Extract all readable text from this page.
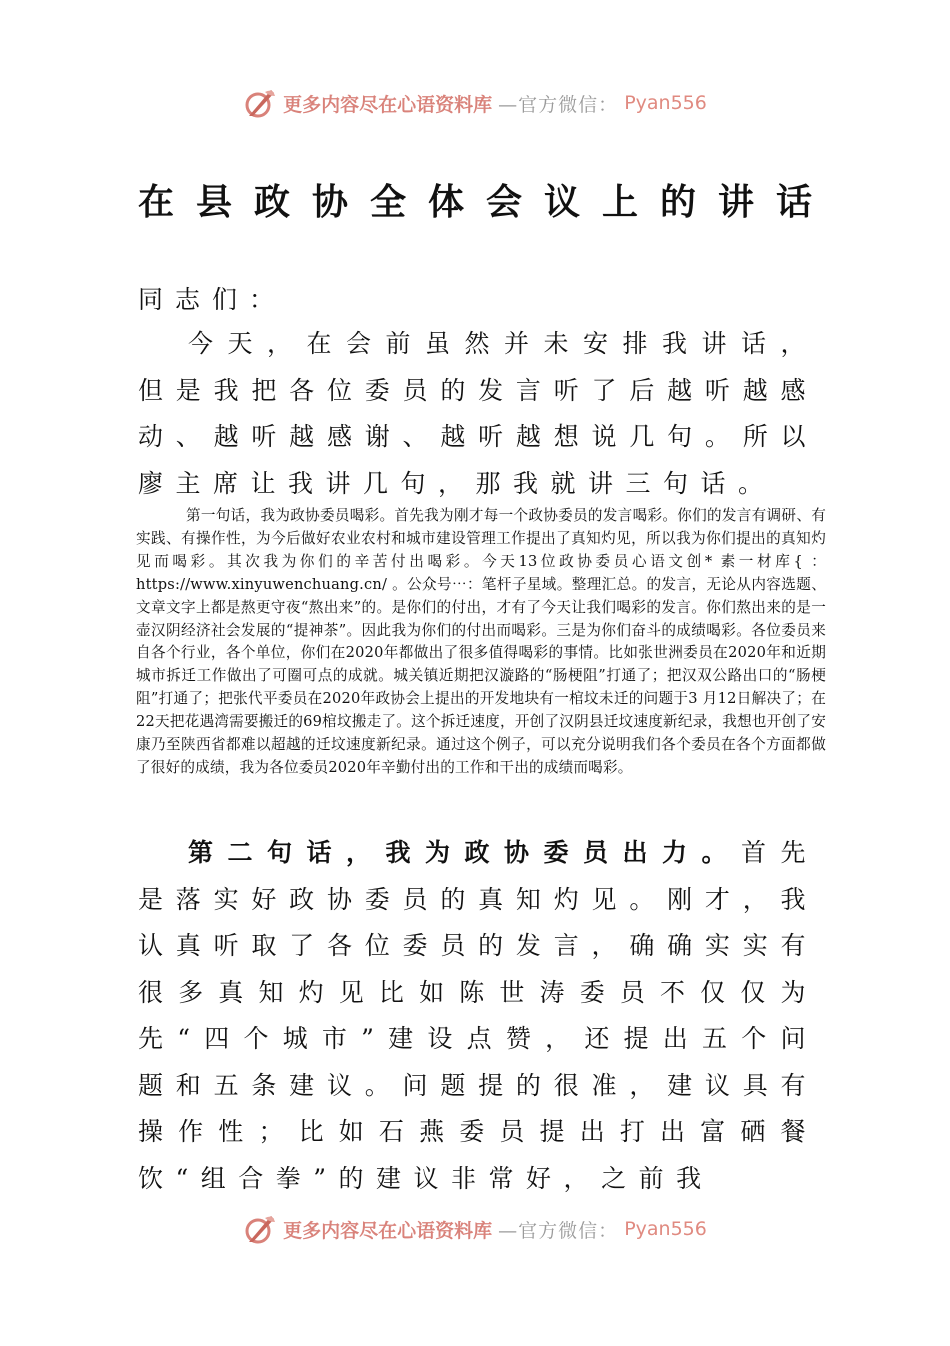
更多内容尽在心语资料库 —官方微信： Pyan556
在县政协全体会议上的讲话
同志们：
今天，在会前虽然并未安排我讲话，但是我把各位委员的发言听了后越听越感动、越听越感谢、越听越想说几句。所以廖主席让我讲几句，那我就讲三句话。
第一句话，我为政协委员喝彩。首先我为刚才每一个政协委员的发言喝彩。你们的发言有调研、有实践、有操作性，为今后做好农业农村和城市建设管理工作提出了真知灼见，所以我为你们提出的真知灼见而喝彩。其次我为你们的辛苦付出喝彩。今天13位政协委员心语文创* 素一材库{ ：https://www.xinyuwenchuang.cn/ 。公众号⋯：笔杆子星域。整理汇总。的发言，无论从内容选题、文章文字上都是熬更守夜“熬出来”的。是你们的付出，才有了今天让我们喝彩的发言。你们熬出来的是一壶汉阴经济社会发展的“提神茶”。因此我为你们的付出而喝彩。三是为你们奋斗的成绩喝彩。各位委员来自各个行业，各个单位，你们在2020年都做出了很多值得喝彩的事情。比如张世洲委员在2020年和近期城市拆迁工作做出了可圈可点的成就。城关镇近期把汉漩路的“肠梗阻”打通了；把汉双公路出口的“肠梗阻”打通了；把张代平委员在2020年政协会上提出的开发地块有一棺坟未迁的问题于3 月12日解决了；在22天把花遇湾需要搬迁的69棺坟搬走了。这个拆迁速度，开创了汉阴县迁坟速度新纪录，我想也开创了安康乃至陕西省都难以超越的迁坟速度新纪录。通过这个例子，可以充分说明我们各个委员在各个方面都做了很好的成绩，我为各位委员2020年辛勤付出的工作和干出的成绩而喝彩。
第二句话，我为政协委员出力。首先是落实好政协委员的真知灼见。刚才，我认真听取了各位委员的发言，确确实实有很多真知灼见比如陈世涛委员不仅仅为先“四个城市”建设点赞，还提出五个问题和五条建议。问题提的很准，建议具有操作性；比如石燕委员提出打出富硒餐饮“组合拳”的建议非常好，之前我
更多内容尽在心语资料库 —官方微信： Pyan556
